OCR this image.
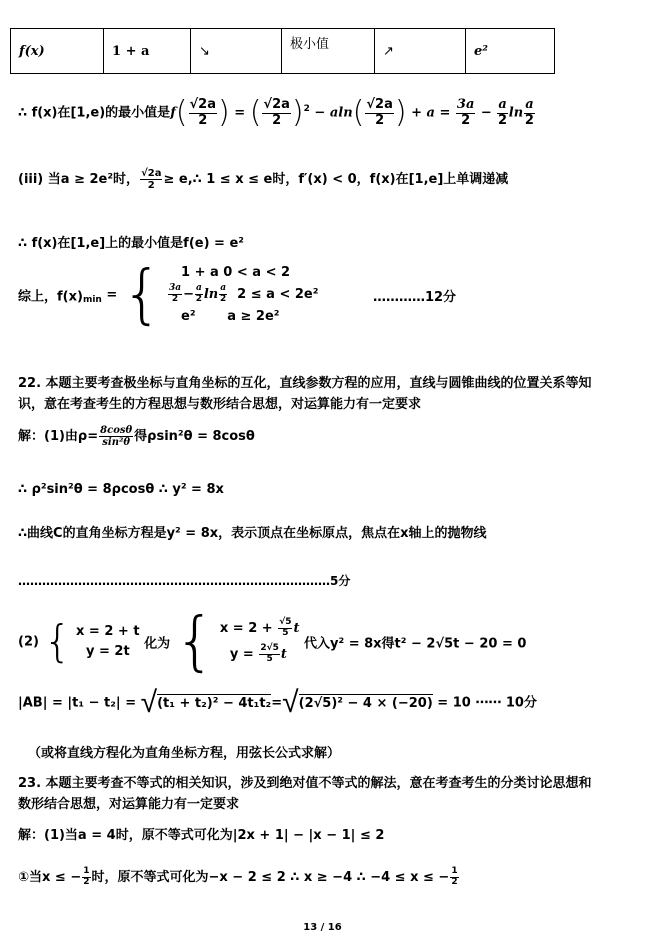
f(x)	1 + a	↘	极小值	↗	e²
∴ f(x)在[1,e)的最小值是$f( \frac{√2a}{2}$ ) = ( $\frac{√2a}{2} )^2 - aln( \frac{√2a}{2}$ ) + $a = \frac{3a}{2} - \frac{a}{2}$ $\ln \frac{a}{2}$
(iii) 当a ≥ 2e²时， $\frac{√2a}{2}$ ≥ e,∴ 1 ≤ x ≤ e时，f′(x) < 0，f(x)在[1,e]上单调递减
∴ f(x)在[1,e]上的最小值是f(e) = e²
综上，$f(x)_{min}$ = {	1 + a 0 < a < 2
$\frac{3a}{2} - \frac{a}{2}$ $\ln \frac{a}{2} 2 \le a < 2e^2$
e² a ≥ 2e²
…………12分
22. 本题主要考查极坐标与直角坐标的互化，直线参数方程的应用，直线与圆锥曲线的位置关系等知
识，意在考查考生的方程思想与数形结合思想，对运算能力有一定要求
解：(1)由$\rho= \frac{8\cos\theta}{\text{sin²θ}}$ 得ρsin²θ = 8cosθ
∴ ρ²sin²θ = 8ρcosθ ∴ y² = 8x
∴曲线C的直角坐标方程是y² = 8x，表示顶点在坐标原点，焦点在x轴上的抛物线
……………………………………………………………………5分
(2) { x = 2 + t
y = 2t	化为 { $x = 2 + \frac{√5}{5}$ t
$y = \frac{2√5}{5}$ t
代入y² = 8x得t² − 2√5t − 20 = 0
|AB| = |t₁ − t₂| = √(t₁ + t₂)² − 4t₁t₂=√(2√5)² − 4 × (−20) = 10 ⋯⋯ 10分
（或将直线方程化为直角坐标方程，用弦长公式求解）
23. 本题主要考查不等式的相关知识，涉及到绝对值不等式的解法，意在考查考生的分类讨论思想和
数形结合思想，对运算能力有一定要求
解：(1)当a = 4时，原不等式可化为|2x + 1| − |x − 1| ≤ 2
①当x ≤ − $\frac{1}{2}$ 时，原不等式可化为−x − 2 ≤ 2 ∴ x ≥ −4 ∴ −4 ≤ x ≤ − $\frac{1}{2}$
13 / 16
